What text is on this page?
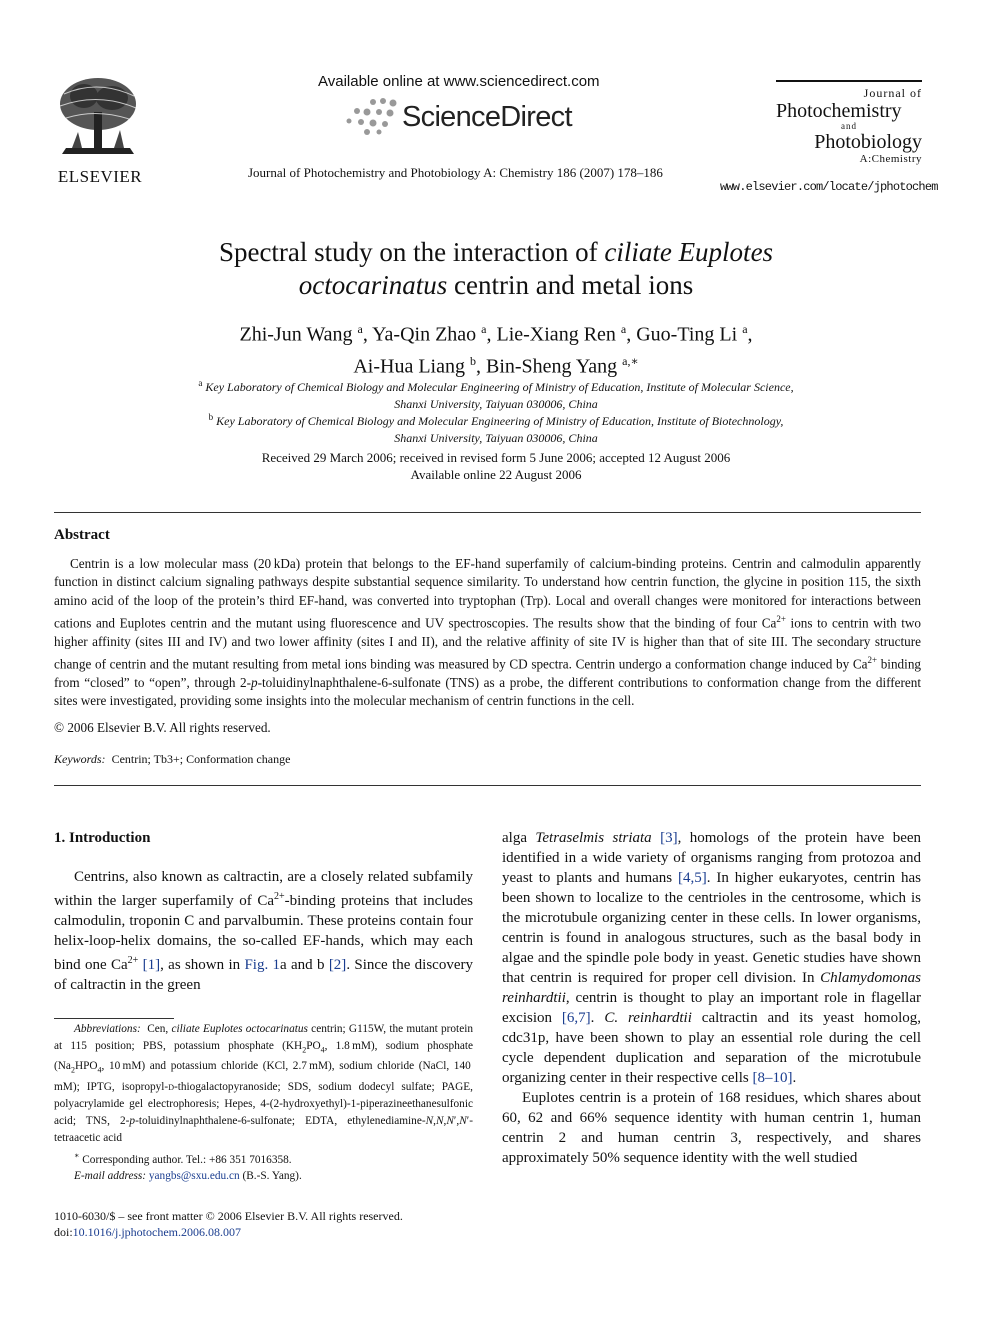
ELSEVIER
Available online at www.sciencedirect.com
ScienceDirect
Journal of Photochemistry and Photobiology A: Chemistry 186 (2007) 178–186
Journal of
Photochemistry
and
Photobiology
A:Chemistry
www.elsevier.com/locate/jphotochem
Spectral study on the interaction of ciliate Euplotes
octocarinatus centrin and metal ions
Zhi-Jun Wang $^a$, Ya-Qin Zhao $^a$, Lie-Xiang Ren $^a$, Guo-Ting Li $^a$,
Ai-Hua Liang $^b$, Bin-Sheng Yang $^{a,∗}$
$^a$ Key Laboratory of Chemical Biology and Molecular Engineering of Ministry of Education, Institute of Molecular Science,
Shanxi University, Taiyuan 030006, China
$^b$ Key Laboratory of Chemical Biology and Molecular Engineering of Ministry of Education, Institute of Biotechnology,
Shanxi University, Taiyuan 030006, China
Received 29 March 2006; received in revised form 5 June 2006; accepted 12 August 2006
Available online 22 August 2006
Abstract

Centrin is a low molecular mass (20 kDa) protein that belongs to the EF-hand superfamily of calcium-binding proteins. Centrin and calmodulin apparently function in distinct calcium signaling pathways despite substantial sequence similarity. To understand how centrin function, the glycine in position 115, the sixth amino acid of the loop of the protein’s third EF-hand, was converted into tryptophan (Trp). Local and overall changes were monitored for interactions between cations and Euplotes centrin and the mutant using fluorescence and UV spectroscopies. The results show that the binding of four $Ca^{2+}$ ions to centrin with two higher affinity (sites III and IV) and two lower affinity (sites I and II), and the relative affinity of site IV is higher than that of site III. The secondary structure change of centrin and the mutant resulting from metal ions binding was measured by CD spectra. Centrin undergo a conformation change induced by $Ca^{2+}$ binding from “closed” to “open”, through 2-p-toluidinylnaphthalene-6-sulfonate (TNS) as a probe, the different contributions to conformation change from the different sites were investigated, providing some insights into the molecular mechanism of centrin functions in the cell.

© 2006 Elsevier B.V. All rights reserved.
Keywords: Centrin; Tb3+; Conformation change
1. Introduction

Centrins, also known as caltractin, are a closely related subfamily within the larger superfamily of $Ca^{2+}$-binding proteins that includes calmodulin, troponin C and parvalbumin. These proteins contain four helix-loop-helix domains, the so-called EF-hands, which may each bind one $Ca^{2+}$ [1], as shown in Fig. 1a and b [2]. Since the discovery of caltractin in the green

Abbreviations:  Cen, ciliate Euplotes octocarinatus centrin; G115W, the mutant protein at 115 position; PBS, potassium phosphate ($KH_2PO_4$, 1.8 mM), sodium phosphate ($Na_2HPO_4$, 10 mM) and potassium chloride (KCl, 2.7 mM), sodium chloride (NaCl, 140 mM); IPTG, isopropyl-d-thiogalactopyranoside; SDS, sodium dodecyl sulfate; PAGE, polyacrylamide gel electrophoresis; Hepes, 4-(2-hydroxyethyl)-1-piperazineethanesulfonic acid; TNS, 2-p-toluidinylnaphthalene-6-sulfonate; EDTA, ethylenediamine-N,N,N′,N′-tetraacetic acid

∗ Corresponding author. Tel.: +86 351 7016358.

E-mail address: yangbs@sxu.edu.cn (B.-S. Yang).

1010-6030/$ – see front matter © 2006 Elsevier B.V. All rights reserved.
doi:10.1016/j.jphotochem.2006.08.007

alga Tetraselmis striata [3], homologs of the protein have been identified in a wide variety of organisms ranging from protozoa and yeast to plants and humans [4,5]. In higher eukaryotes, centrin has been shown to localize to the centrioles in the centrosome, which is the microtubule organizing center in these cells. In lower organisms, centrin is found in analogous structures, such as the basal body in algae and the spindle pole body in yeast. Genetic studies have shown that centrin is required for proper cell division. In Chlamydomonas reinhardtii, centrin is thought to play an important role in flagellar excision [6,7]. C. reinhardtii caltractin and its yeast homolog, cdc31p, have been shown to play an essential role during the cell cycle dependent duplication and separation of the microtubule organizing center in their respective cells [8–10].

Euplotes centrin is a protein of 168 residues, which shares about 60, 62 and 66% sequence identity with human centrin 1, human centrin 2 and human centrin 3, respectively, and shares approximately 50% sequence identity with the well studied
